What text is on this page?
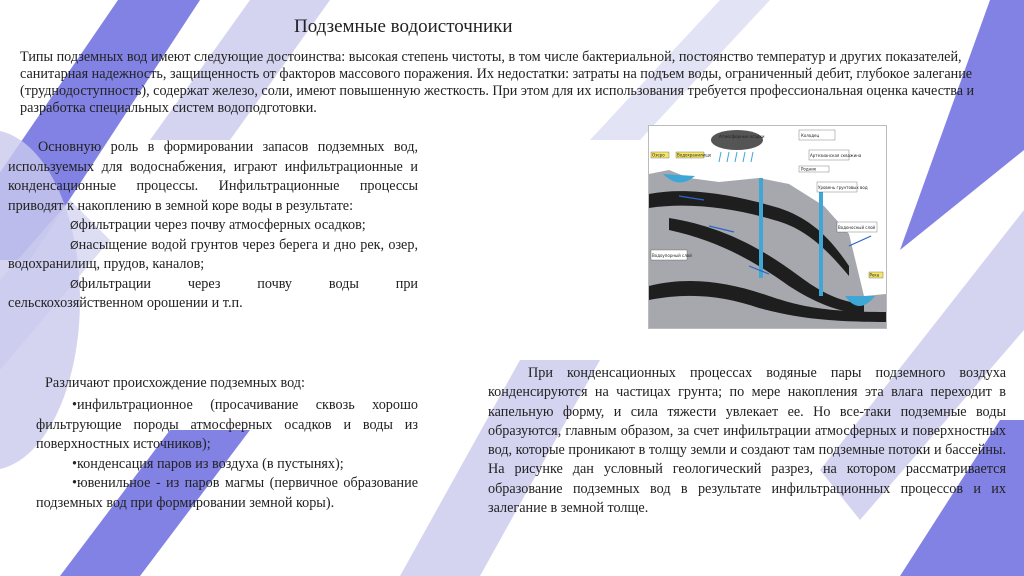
Подземные водоисточники
Типы подземных вод имеют следующие достоинства: высокая степень чистоты, в том числе бактериальной, постоянство температур и других показателей, санитарная надежность, защищенность от факторов массового поражения. Их недостатки: затраты на подъем воды, ограниченный дебит, глубокое залегание (труднодоступность), содержат железо, соли, имеют повышенную жесткость. При этом для их использования требуется профессиональная оценка качества и разработка специальных систем водоподготовки.

Основную роль в формировании запасов подземных вод, используемых для водоснабжения, играют инфильтрационные и конденсационные процессы. Инфильтрационные процессы приводят к накоплению в земной коре воды в результате:

Øфильтрации через почву атмосферных осадков;

Øнасыщение водой грунтов через берега и дно рек, озер, водохранилищ, прудов, каналов;

Øфильтрации через почву воды при сельскохозяйственном орошении и т.п.

Различают происхождение подземных вод:

•инфильтрационное (просачивание сквозь хорошо фильтрующие породы атмосферных осадков и воды из поверхностных источников);

•конденсация паров из воздуха (в пустынях);

•ювенильное - из паров магмы (первичное образование подземных вод при формировании земной коры).

При конденсационных процессах водяные пары подземного воздуха конденсируются на частицах грунта; по мере накопления эта влага переходит в капельную форму, и сила тяжести увлекает ее. Но все-таки подземные воды образуются, главным образом, за счет инфильтрации атмосферных и поверхностных вод, которые проникают в толщу земли и создают там подземные потоки и бассейны. На рисунке дан условный геологический разрез, на котором рассматривается образование подземных вод в результате инфильтрационных процессов и их залегание в земной толще.

Озеро	Водохранилище
Атмосферные осадки	Колодец
Артезианская скважина
Родник
Уровень грунтовых вод
Водоносный слой
Водоупорный слой
Река
